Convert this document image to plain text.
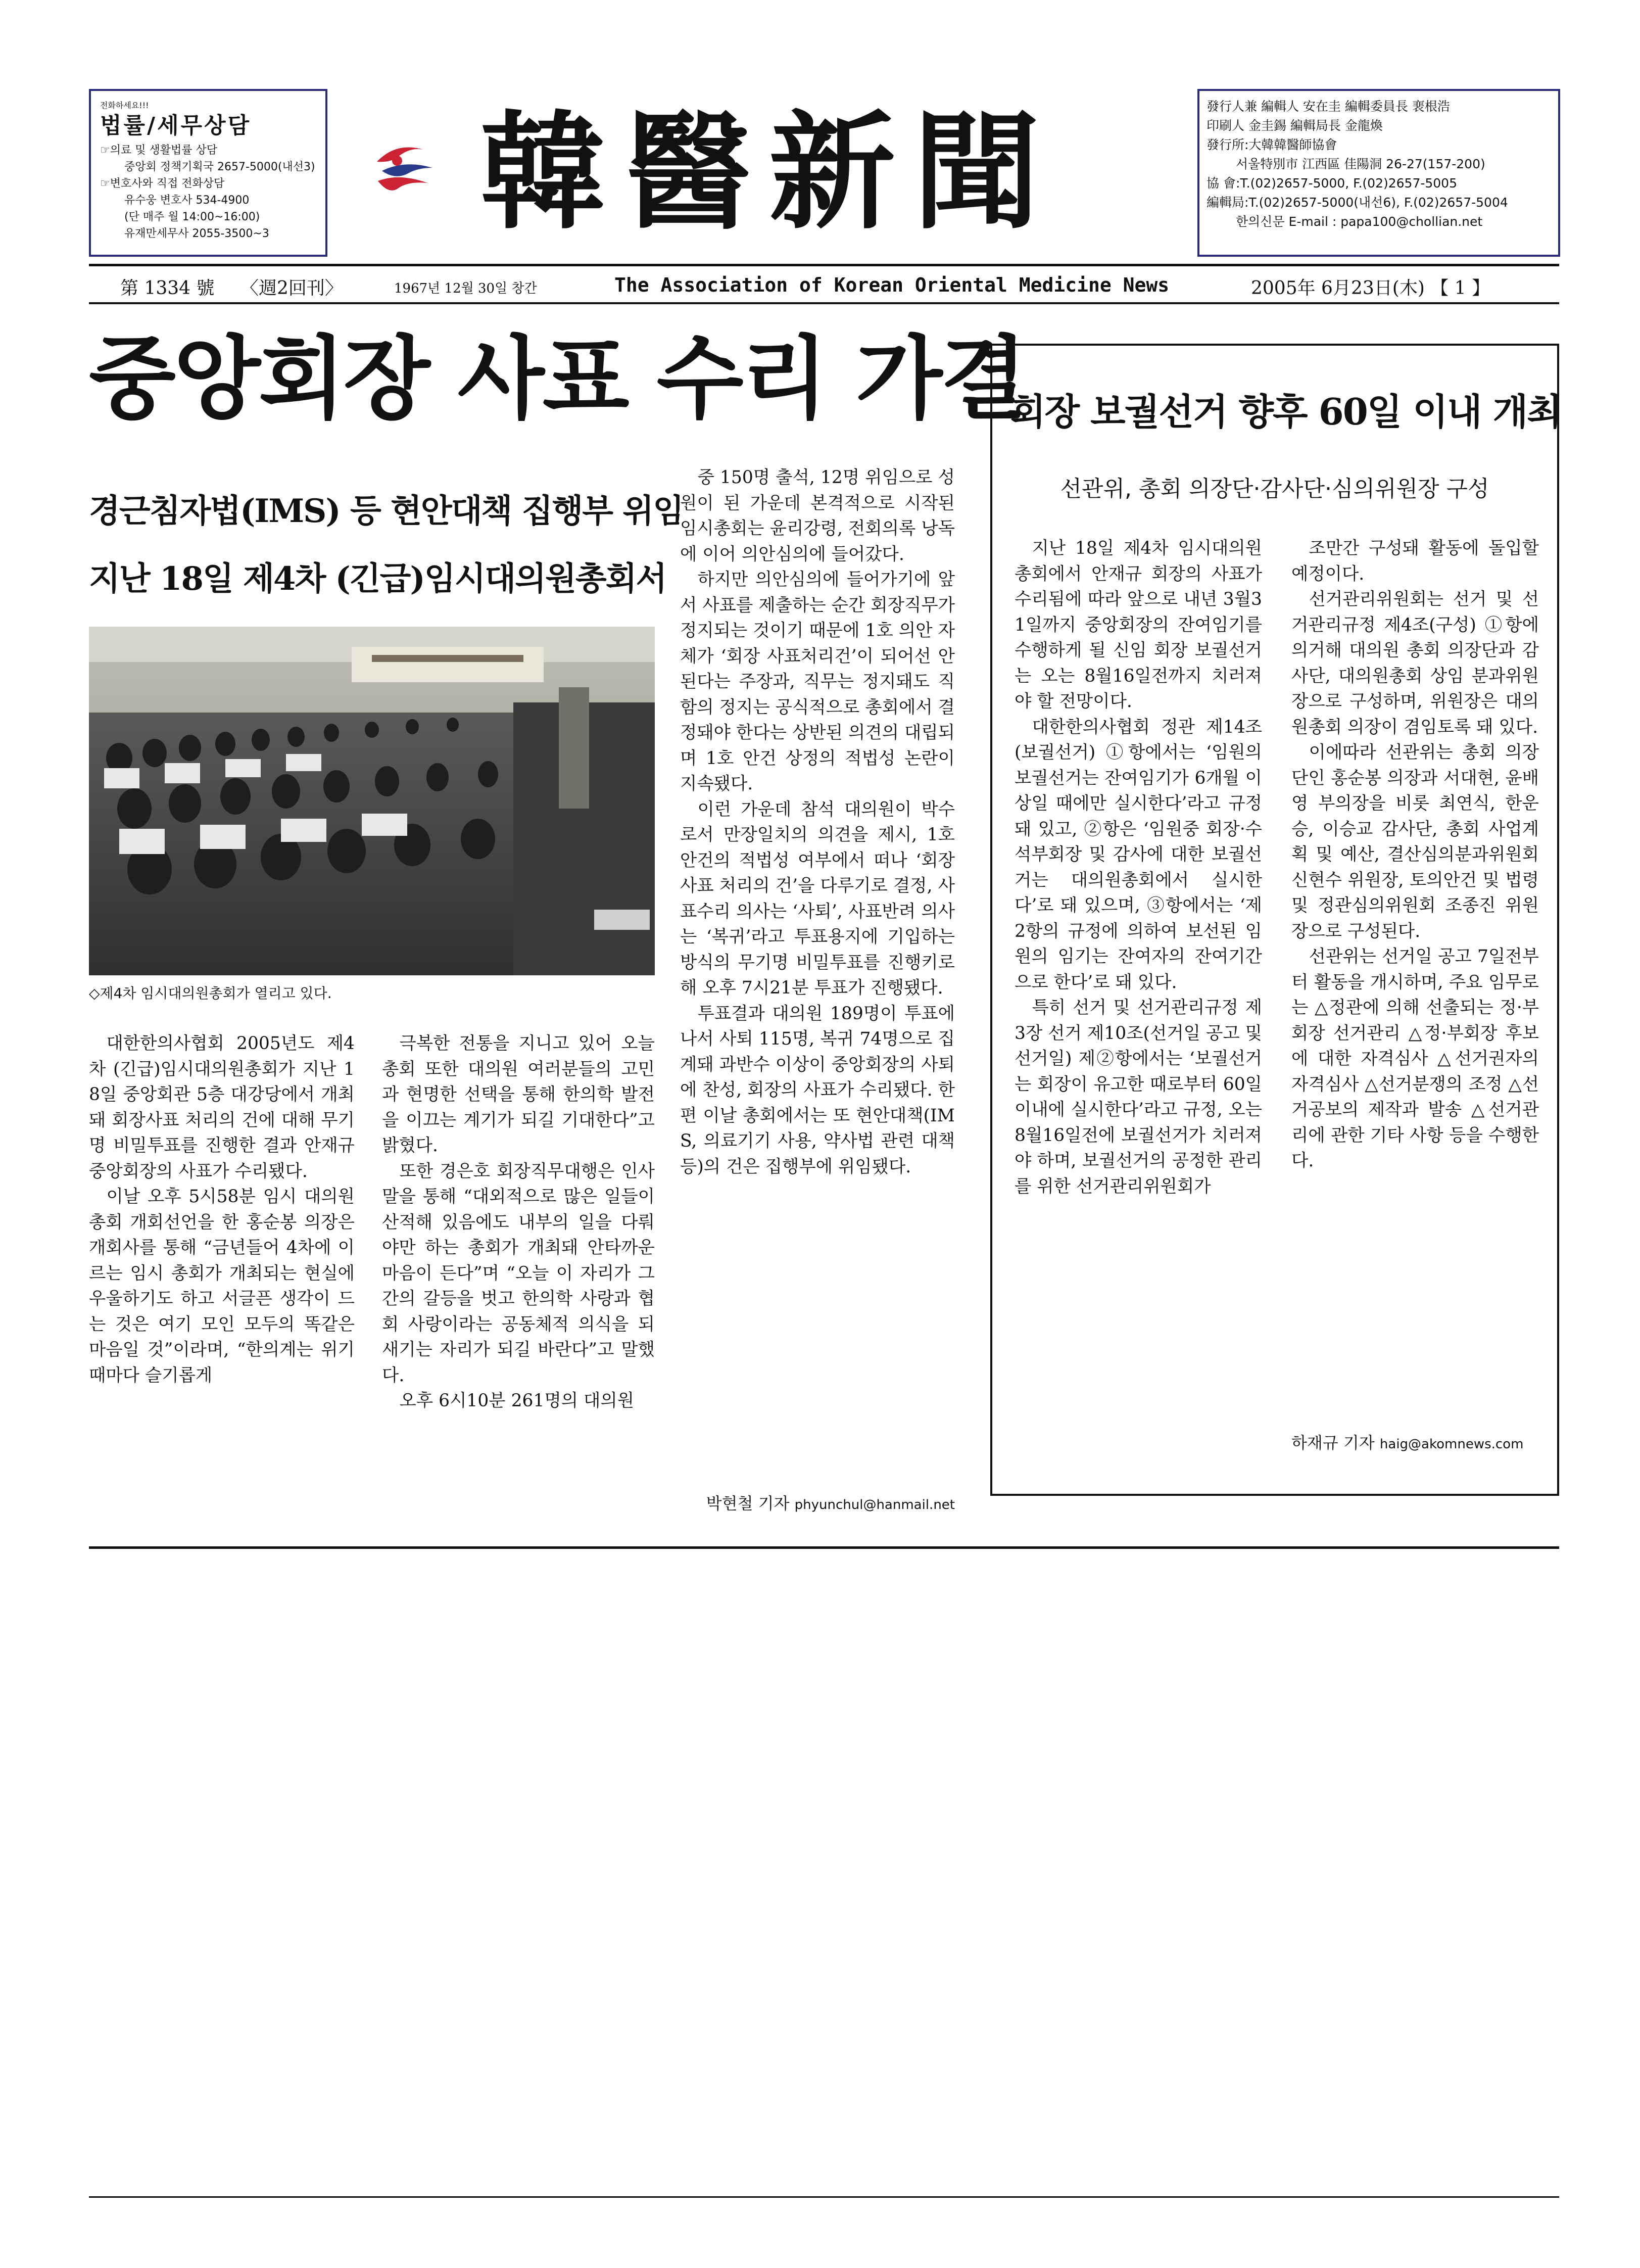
전화하세요!!!
법률/세무상담
☞의료 및 생활법률 상담
중앙회 정책기획국 2657-5000(내선3)
☞변호사와 직접 전화상담
유수웅 변호사 534-4900
(단 매주 월 14:00~16:00)
유재만세무사 2055-3500~3	韓醫新聞	發行人兼 編輯人 安在圭 編輯委員長 裵根浩
印刷人 金圭錫 編輯局長 金龍煥
發行所:大韓韓醫師協會
서울特別市 江西區 佳陽洞 26-27(157-200)
協 會:T.(02)2657-5000, F.(02)2657-5005
編輯局:T.(02)2657-5000(내선6), F.(02)2657-5004
한의신문 E-mail : papa100@chollian.net
第 1334 號 〈週2回刊〉	1967년 12월 30일 창간	The Association of Korean Oriental Medicine News	2005年 6月23日(木) 【 1 】
중앙회장 사표 수리 가결
경근침자법(IMS) 등 현안대책 집행부 위임
지난 18일 제4차 (긴급)임시대의원총회서
◇제4차 임시대의원총회가 열리고 있다.
대한한의사협회 2005년도 제4차 (긴급)임시대의원총회가 지난 18일 중앙회관 5층 대강당에서 개최돼 회장사표 처리의 건에 대해 무기명 비밀투표를 진행한 결과 안재규 중앙회장의 사표가 수리됐다.
이날 오후 5시58분 임시 대의원총회 개회선언을 한 홍순봉 의장은 개회사를 통해 “금년들어 4차에 이르는 임시 총회가 개최되는 현실에 우울하기도 하고 서글픈 생각이 드는 것은 여기 모인 모두의 똑같은 마음일 것”이라며, “한의계는 위기 때마다 슬기롭게
극복한 전통을 지니고 있어 오늘 총회 또한 대의원 여러분들의 고민과 현명한 선택을 통해 한의학 발전을 이끄는 계기가 되길 기대한다”고 밝혔다.
또한 경은호 회장직무대행은 인사말을 통해 “대외적으로 많은 일들이 산적해 있음에도 내부의 일을 다뤄야만 하는 총회가 개최돼 안타까운 마음이 든다”며 “오늘 이 자리가 그간의 갈등을 벗고 한의학 사랑과 협회 사랑이라는 공동체적 의식을 되새기는 자리가 되길 바란다”고 말했다.
오후 6시10분 261명의 대의원
중 150명 출석, 12명 위임으로 성원이 된 가운데 본격적으로 시작된 임시총회는 윤리강령, 전회의록 낭독에 이어 의안심의에 들어갔다.
하지만 의안심의에 들어가기에 앞서 사표를 제출하는 순간 회장직무가 정지되는 것이기 때문에 1호 의안 자체가 ‘회장 사표처리건’이 되어선 안된다는 주장과, 직무는 정지돼도 직함의 정지는 공식적으로 총회에서 결정돼야 한다는 상반된 의견의 대립되며 1호 안건 상정의 적법성 논란이 지속됐다.
이런 가운데 참석 대의원이 박수로서 만장일치의 의견을 제시, 1호 안건의 적법성 여부에서 떠나 ‘회장사표 처리의 건’을 다루기로 결정, 사표수리 의사는 ‘사퇴’, 사표반려 의사는 ‘복귀’라고 투표용지에 기입하는 방식의 무기명 비밀투표를 진행키로 해 오후 7시21분 투표가 진행됐다.
투표결과 대의원 189명이 투표에 나서 사퇴 115명, 복귀 74명으로 집계돼 과반수 이상이 중앙회장의 사퇴에 찬성, 회장의 사표가 수리됐다. 한편 이날 총회에서는 또 현안대책(IMS, 의료기기 사용, 약사법 관련 대책 등)의 건은 집행부에 위임됐다.
박현철 기자 phyunchul@hanmail.net
회장 보궐선거 향후 60일 이내 개최
선관위, 총회 의장단·감사단·심의위원장 구성
지난 18일 제4차 임시대의원총회에서 안재규 회장의 사표가 수리됨에 따라 앞으로 내년 3월31일까지 중앙회장의 잔여임기를 수행하게 될 신임 회장 보궐선거는 오는 8월16일전까지 치러져야 할 전망이다.
대한한의사협회 정관 제14조(보궐선거) ①항에서는 ‘임원의 보궐선거는 잔여임기가 6개월 이상일 때에만 실시한다’라고 규정돼 있고, ②항은 ‘임원중 회장·수석부회장 및 감사에 대한 보궐선거는 대의원총회에서 실시한다’로 돼 있으며, ③항에서는 ‘제2항의 규정에 의하여 보선된 임원의 임기는 잔여자의 잔여기간으로 한다’로 돼 있다.
특히 선거 및 선거관리규정 제3장 선거 제10조(선거일 공고 및 선거일) 제②항에서는 ‘보궐선거는 회장이 유고한 때로부터 60일 이내에 실시한다’라고 규정, 오는 8월16일전에 보궐선거가 치러져야 하며, 보궐선거의 공정한 관리를 위한 선거관리위원회가
조만간 구성돼 활동에 돌입할 예정이다.
선거관리위원회는 선거 및 선거관리규정 제4조(구성) ①항에 의거해 대의원 총회 의장단과 감사단, 대의원총회 상임 분과위원장으로 구성하며, 위원장은 대의원총회 의장이 겸임토록 돼 있다.
이에따라 선관위는 총회 의장단인 홍순봉 의장과 서대현, 윤배영 부의장을 비롯 최연식, 한운승, 이승교 감사단, 총회 사업계획 및 예산, 결산심의분과위원회 신현수 위원장, 토의안건 및 법령 및 정관심의위원회 조종진 위원장으로 구성된다.
선관위는 선거일 공고 7일전부터 활동을 개시하며, 주요 임무로는 △정관에 의해 선출되는 정·부회장 선거관리 △정·부회장 후보에 대한 자격심사 △선거권자의 자격심사 △선거분쟁의 조정 △선거공보의 제작과 발송 △선거관리에 관한 기타 사항 등을 수행한다.
하재규 기자 haig@akomnews.com
